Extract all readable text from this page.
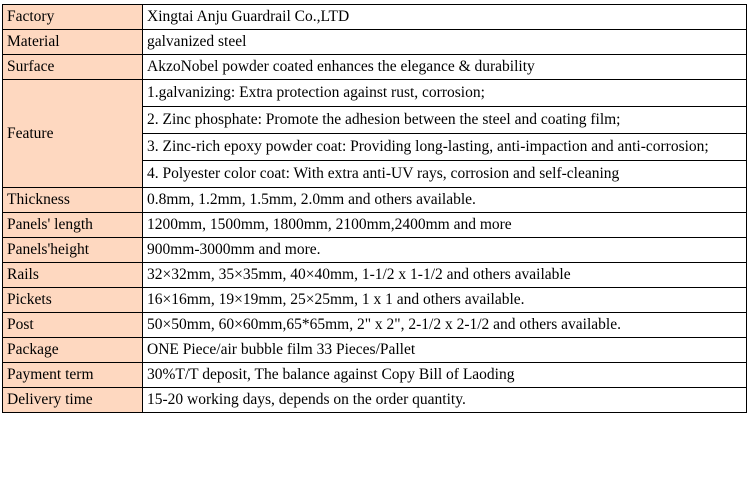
Factory	Xingtai Anju Guardrail Co.,LTD
Material	galvanized steel
Surface	AkzoNobel powder coated enhances the elegance & durability
Feature	1.galvanizing: Extra protection against rust, corrosion;
	2. Zinc phosphate: Promote the adhesion between the steel and coating film;
	3. Zinc-rich epoxy powder coat: Providing long-lasting, anti-impaction and anti-corrosion;
	4. Polyester color coat: With extra anti-UV rays, corrosion and self-cleaning
Thickness	0.8mm, 1.2mm, 1.5mm, 2.0mm and others available.
Panels' length	1200mm, 1500mm, 1800mm, 2100mm,2400mm and more
Panels'height	900mm-3000mm and more.
Rails	32×32mm, 35×35mm, 40×40mm, 1-1/2 x 1-1/2 and others available
Pickets	16×16mm, 19×19mm, 25×25mm, 1 x 1 and others available.
Post	50×50mm, 60×60mm,65*65mm, 2" x 2", 2-1/2 x 2-1/2 and others available.
Package	ONE Piece/air bubble film 33 Pieces/Pallet
Payment term	30%T/T deposit, The balance against Copy Bill of Laoding
Delivery time	15-20 working days, depends on the order quantity.
